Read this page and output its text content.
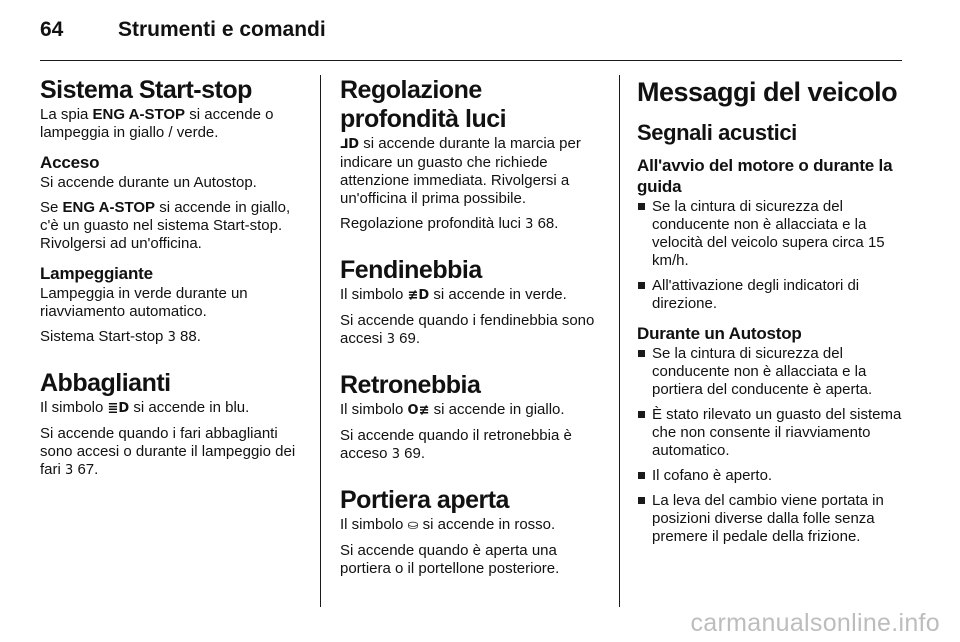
64	Strumenti e comandi
Sistema Start-stop

La spia ENG A-STOP si accende o lampeggia in giallo / verde.

Acceso

Si accende durante un Autostop.

Se ENG A-STOP si accende in giallo, c'è un guasto nel sistema Start-stop. Rivolgersi ad un'officina.

Lampeggiante

Lampeggia in verde durante un riavviamento automatico.

Sistema Start-stop 3 88.

Abbaglianti

Il simbolo ≣D si accende in blu.

Si accende quando i fari abbaglianti sono accesi o durante il lampeggio dei fari 3 67.

Regolazione profondità luci

⅃D si accende durante la marcia per indicare un guasto che richiede attenzione immediata. Rivolgersi a un'officina il prima possibile.

Regolazione profondità luci 3 68.

Fendinebbia

Il simbolo ≢D si accende in verde.

Si accende quando i fendinebbia sono accesi 3 69.

Retronebbia

Il simbolo O≢ si accende in giallo.

Si accende quando il retronebbia è acceso 3 69.

Portiera aperta

Il simbolo ⛀ si accende in rosso.

Si accende quando è aperta una portiera o il portellone posteriore.

Messaggi del veicolo
Segnali acustici
All'avvio del motore o durante la guida
Se la cintura di sicurezza del conducente non è allacciata e la velocità del veicolo supera circa 15 km/h.
All'attivazione degli indicatori di direzione.
Durante un Autostop
Se la cintura di sicurezza del conducente non è allacciata e la portiera del conducente è aperta.
È stato rilevato un guasto del sistema che non consente il riavviamento automatico.
Il cofano è aperto.
La leva del cambio viene portata in posizioni diverse dalla folle senza premere il pedale della frizione.
carmanualsonline.info
